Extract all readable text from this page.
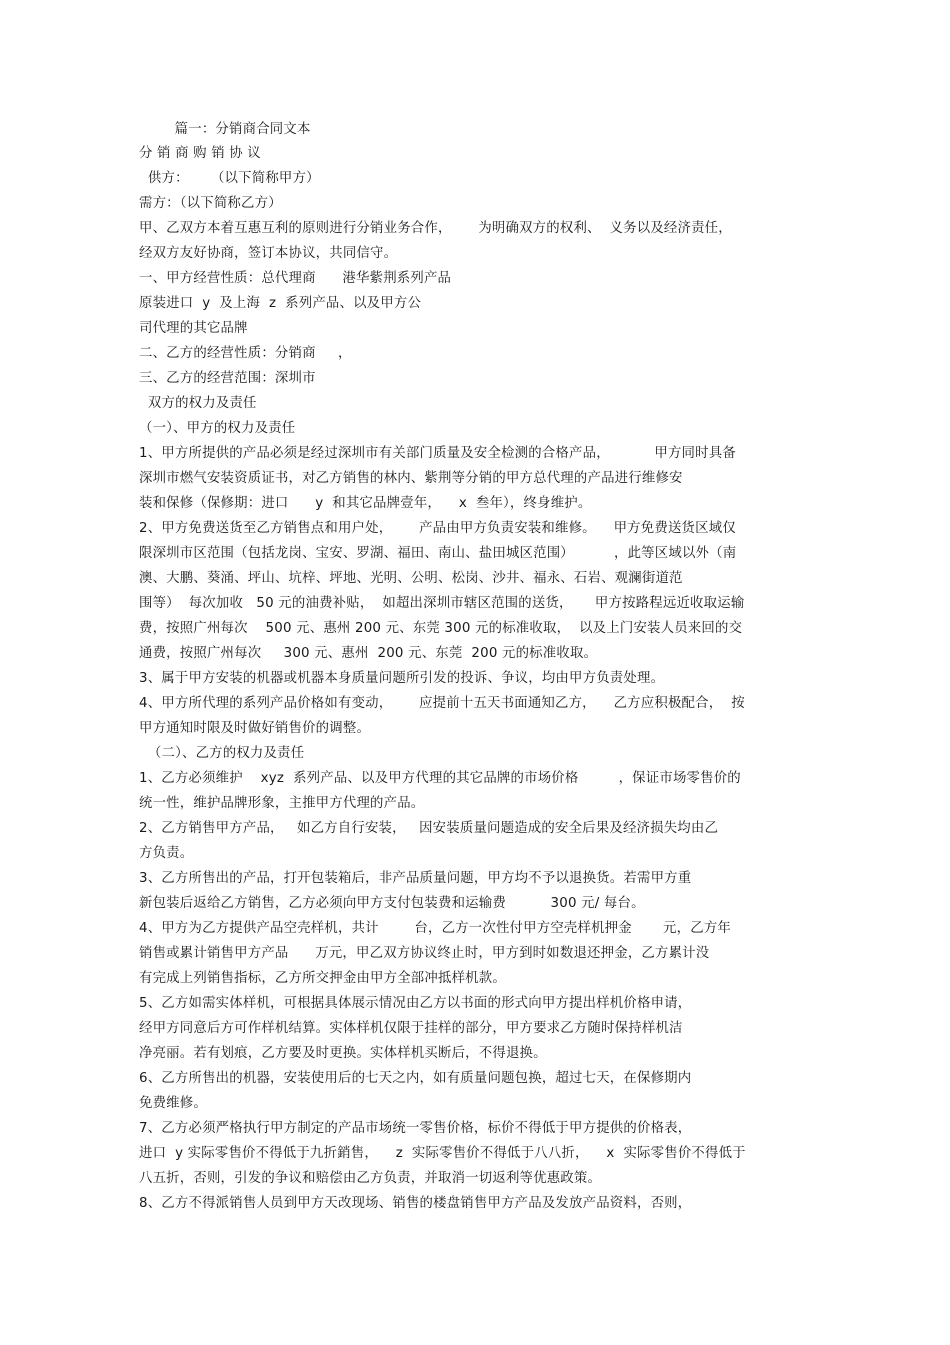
篇一：分销商合同文本
分 销 商 购 销 协 议
供方：     （以下简称甲方）
需方：（以下简称乙方）
甲、乙双方本着互惠互利的原则进行分销业务合作，      为明确双方的权利、  义务以及经济责任，
经双方友好协商，签订本协议，共同信守。
一、甲方经营性质：总代理商      港华紫荆系列产品
原装进口  y  及上海  z  系列产品、以及甲方公
司代理的其它品牌
二、乙方的经营性质：分销商     ，
三、乙方的经营范围：深圳市
双方的权力及责任
（一）、甲方的权力及责任
1、甲方所提供的产品必须是经过深圳市有关部门质量及安全检测的合格产品，          甲方同时具备
深圳市燃气安装资质证书，对乙方销售的林内、紫荆等分销的甲方总代理的产品进行维修安
装和保修（保修期：进口      y  和其它品牌壹年，    x  叁年），终身维护。
2、甲方免费送货至乙方销售点和用户处，      产品由甲方负责安装和维修。    甲方免费送货区域仅
限深圳市区范围（包括龙岗、宝安、罗湖、福田、南山、盐田城区范围）         ，此等区域以外（南
澳、大鹏、葵涌、坪山、坑梓、坪地、光明、公明、松岗、沙井、福永、石岩、观澜街道范
围等）  每次加收   50 元的油费补贴，  如超出深圳市辖区范围的送货，     甲方按路程远近收取运输
费，按照广州每次    500 元、惠州 200 元、东莞 300 元的标准收取，  以及上门安装人员来回的交
通费，按照广州每次     300 元、惠州  200 元、东莞  200 元的标准收取。
3、属于甲方安装的机器或机器本身质量问题所引发的投诉、争议，均由甲方负责处理。
4、甲方所代理的系列产品价格如有变动，      应提前十五天书面通知乙方，    乙方应积极配合，  按
甲方通知时限及时做好销售价的调整。
（二）、乙方的权力及责任
1、乙方必须维护    xyz  系列产品、以及甲方代理的其它品牌的市场价格         ，保证市场零售价的
统一性，维护品牌形象，主推甲方代理的产品。
2、乙方销售甲方产品，   如乙方自行安装，   因安装质量问题造成的安全后果及经济损失均由乙
方负责。
3、乙方所售出的产品，打开包装箱后，非产品质量问题，甲方均不予以退换货。若需甲方重
新包装后返给乙方销售，乙方必须向甲方支付包装费和运输费          300 元/ 每台。
4、甲方为乙方提供产品空壳样机，共计        台，乙方一次性付甲方空壳样机押金       元，乙方年
销售或累计销售甲方产品      万元，甲乙双方协议终止时，甲方到时如数退还押金，乙方累计没
有完成上列销售指标，乙方所交押金由甲方全部冲抵样机款。
5、乙方如需实体样机，可根据具体展示情况由乙方以书面的形式向甲方提出样机价格申请，
经甲方同意后方可作样机结算。实体样机仅限于挂样的部分，甲方要求乙方随时保持样机洁
净亮丽。若有划痕，乙方要及时更换。实体样机买断后，不得退换。
6、乙方所售出的机器，安装使用后的七天之内，如有质量问题包换，超过七天，在保修期内
免费维修。
7、乙方必须严格执行甲方制定的产品市场统一零售价格，标价不得低于甲方提供的价格表，
进口  y 实际零售价不得低于九折銷售，    z  实际零售价不得低于八八折，    x  实际零售价不得低于
八五折，否则，引发的争议和赔偿由乙方负责，并取消一切返利等优惠政策。
8、乙方不得派销售人员到甲方天改现场、销售的楼盘销售甲方产品及发放产品资料，否则，
